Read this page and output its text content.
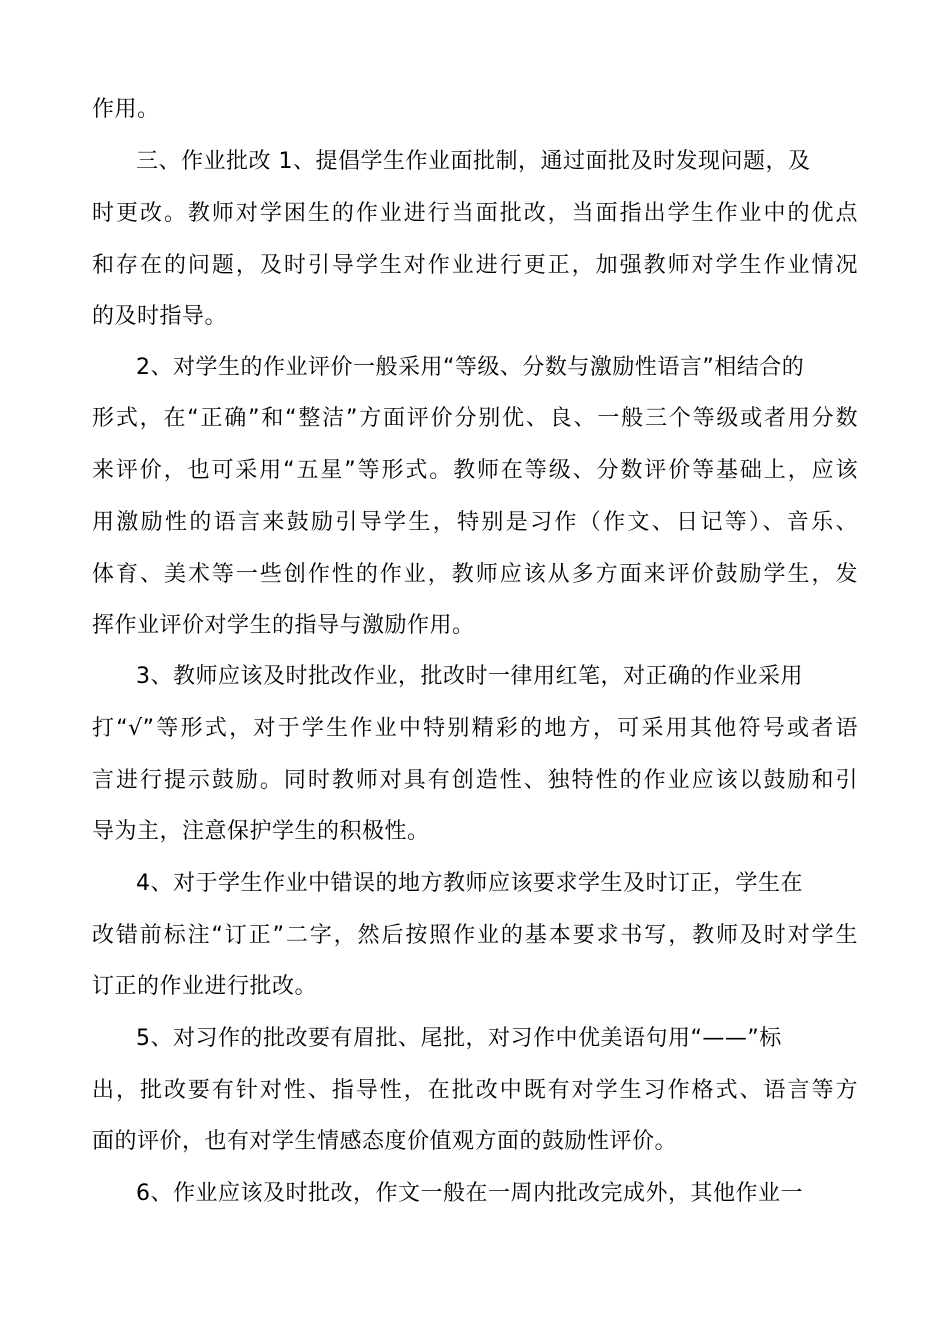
作用。

三、作业批改 1、提倡学生作业面批制，通过面批及时发现问题，及

时更改。教师对学困生的作业进行当面批改，当面指出学生作业中的优点

和存在的问题，及时引导学生对作业进行更正，加强教师对学生作业情况

的及时指导。

2、对学生的作业评价一般采用“等级、分数与激励性语言”相结合的

形式，在“正确”和“整洁”方面评价分别优、良、一般三个等级或者用分数

来评价，也可采用“五星”等形式。教师在等级、分数评价等基础上，应该

用激励性的语言来鼓励引导学生，特别是习作（作文、日记等）、音乐、

体育、美术等一些创作性的作业，教师应该从多方面来评价鼓励学生，发

挥作业评价对学生的指导与激励作用。

3、教师应该及时批改作业，批改时一律用红笔，对正确的作业采用

打“√”等形式，对于学生作业中特别精彩的地方，可采用其他符号或者语

言进行提示鼓励。同时教师对具有创造性、独特性的作业应该以鼓励和引

导为主，注意保护学生的积极性。

4、对于学生作业中错误的地方教师应该要求学生及时订正，学生在

改错前标注“订正”二字，然后按照作业的基本要求书写，教师及时对学生

订正的作业进行批改。

5、对习作的批改要有眉批、尾批，对习作中优美语句用“——”标

出，批改要有针对性、指导性，在批改中既有对学生习作格式、语言等方

面的评价，也有对学生情感态度价值观方面的鼓励性评价。

6、作业应该及时批改，作文一般在一周内批改完成外，其他作业一
